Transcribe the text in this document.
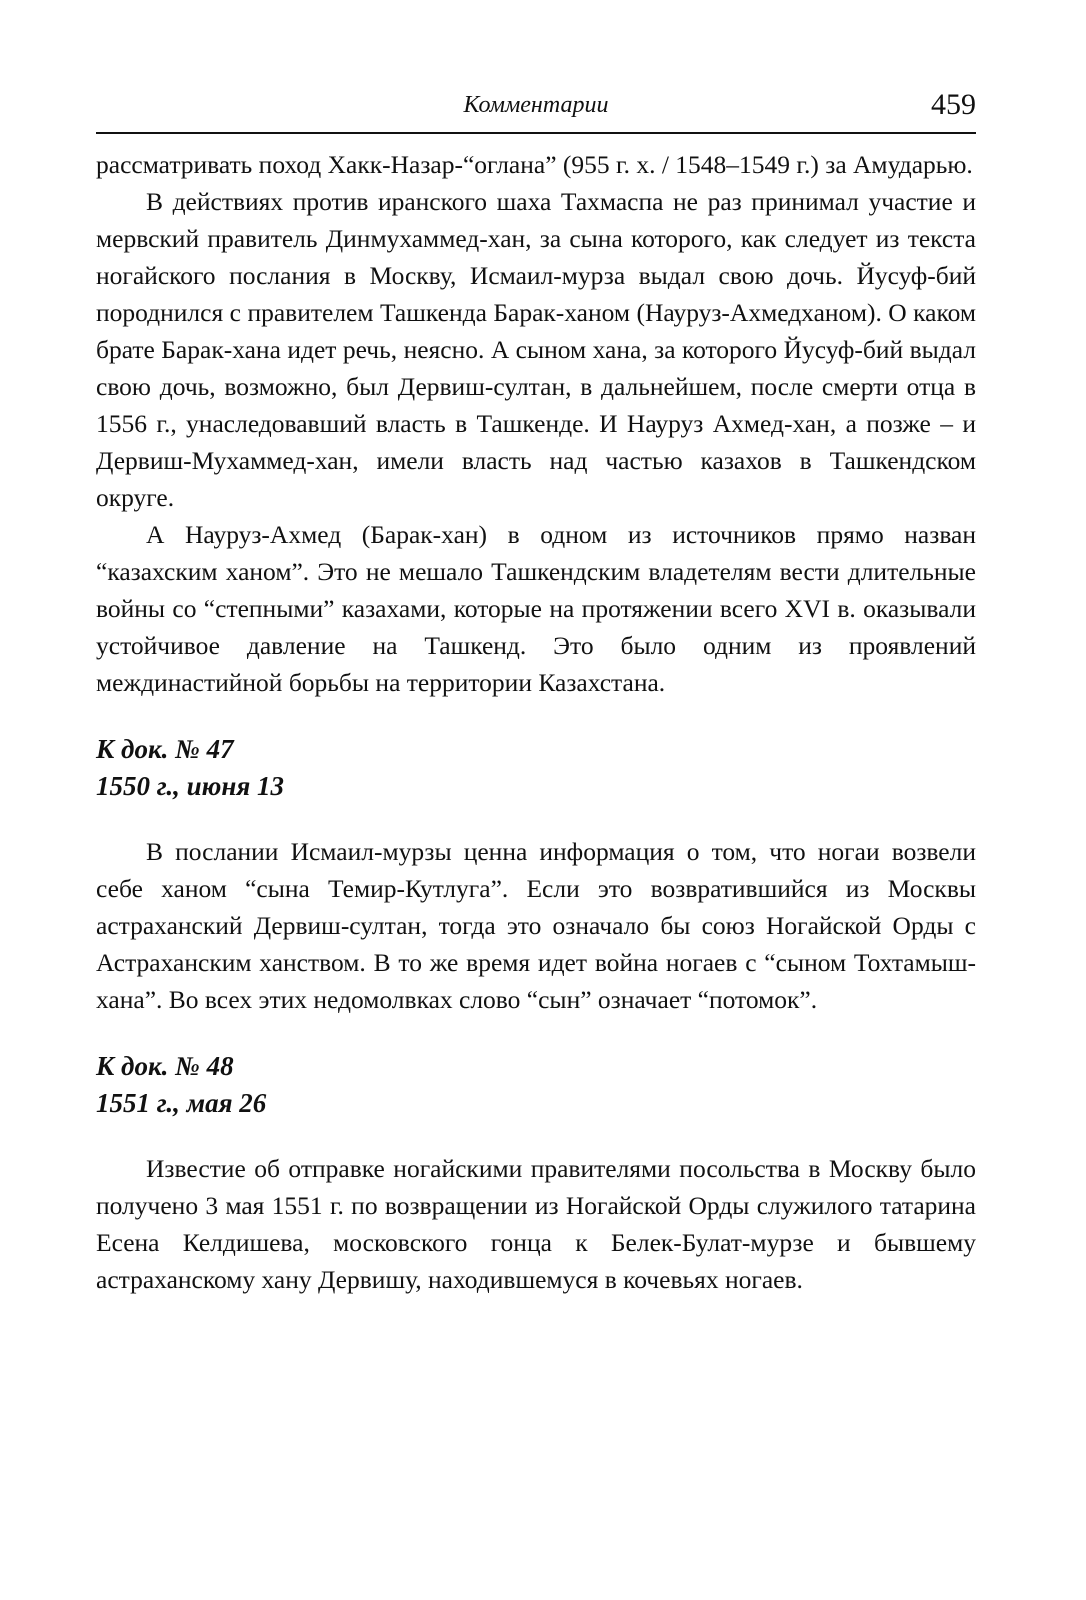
Комментарии	459

рассматривать поход Хакк-Назар-“оглана” (955 г. х. / 1548–1549 г.) за Амударью.

В действиях против иранского шаха Тахмаспа не раз принимал участие и мервский правитель Динмухаммед-хан, за сына которого, как следует из текста ногайского послания в Москву, Исмаил-мурза выдал свою дочь. Йусуф-бий породнился с правителем Ташкенда Барак-ханом (Науруз-Ахмедханом). О каком брате Барак-хана идет речь, неясно. А сыном хана, за которого Йусуф-бий выдал свою дочь, возможно, был Дервиш-султан, в дальнейшем, после смерти отца в 1556 г., унаследовавший власть в Ташкенде. И Науруз Ахмед-хан, а позже – и Дервиш-Мухаммед-хан, имели власть над частью казахов в Ташкендском округе.

А Науруз-Ахмед (Барак-хан) в одном из источников прямо назван “казахским ханом”. Это не мешало Ташкендским владетелям вести длительные войны со “степными” казахами, которые на протяжении всего XVI в. оказывали устойчивое давление на Ташкенд. Это было одним из проявлений междинастийной борьбы на территории Казахстана.

К док. № 47
1550 г., июня 13

В послании Исмаил-мурзы ценна информация о том, что ногаи возвели себе ханом “сына Темир-Кутлуга”. Если это возвратившийся из Москвы астраханский Дервиш-султан, тогда это означало бы союз Ногайской Орды с Астраханским ханством. В то же время идет война ногаев с “сыном Тохтамыш-хана”. Во всех этих недомолвках слово “сын” означает “потомок”.

К док. № 48
1551 г., мая 26

Известие об отправке ногайскими правителями посольства в Москву было получено 3 мая 1551 г. по возвращении из Ногайской Орды служилого татарина Есена Келдишева, московского гонца к Белек-Булат-мурзе и бывшему астраханскому хану Дервишу, находившемуся в кочевьях ногаев.
